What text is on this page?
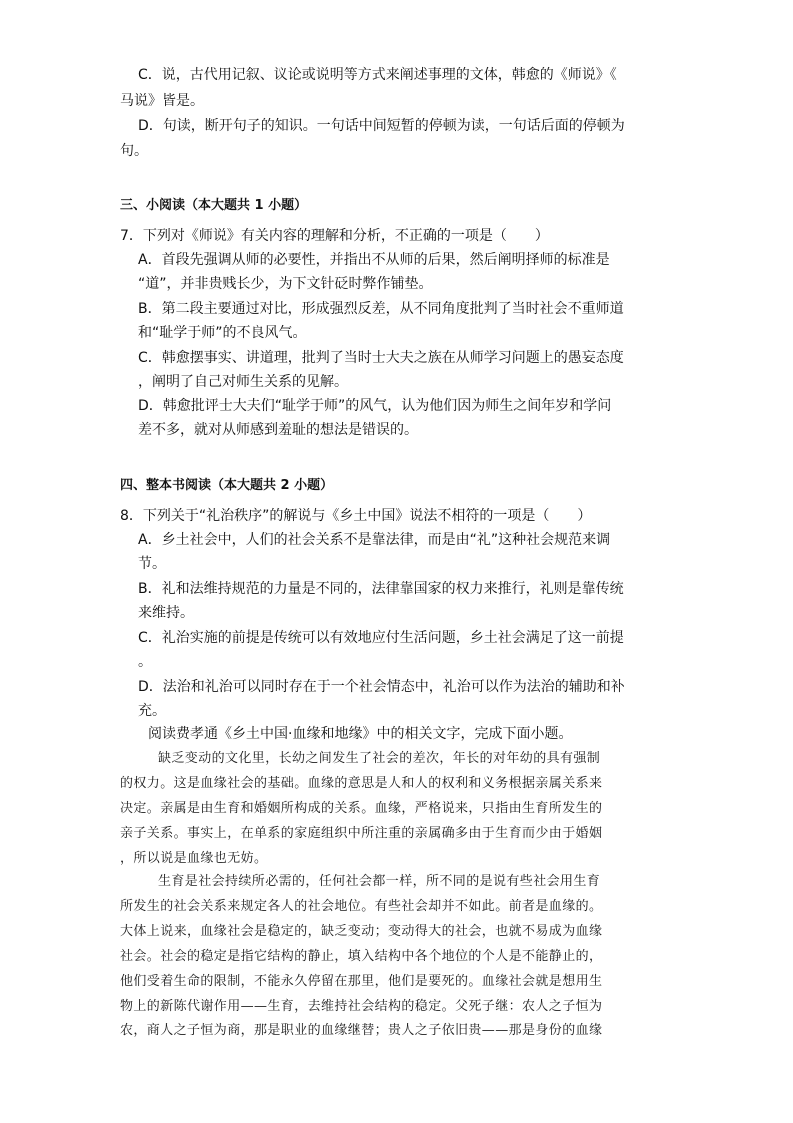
C．说，古代用记叙、议论或说明等方式来阐述事理的文体，韩愈的《师说》《
马说》皆是。
D．句读，断开句子的知识。一句话中间短暂的停顿为读，一句话后面的停顿为
句。
三、小阅读（本大题共 1 小题）
7．下列对《师说》有关内容的理解和分析，不正确的一项是（　　）
A．首段先强调从师的必要性，并指出不从师的后果，然后阐明择师的标准是
“道”，并非贵贱长少，为下文针砭时弊作铺垫。
B．第二段主要通过对比，形成强烈反差，从不同角度批判了当时社会不重师道
和“耻学于师”的不良风气。
C．韩愈摆事实、讲道理，批判了当时士大夫之族在从师学习问题上的愚妄态度
，阐明了自己对师生关系的见解。
D．韩愈批评士大夫们“耻学于师”的风气，认为他们因为师生之间年岁和学问
差不多，就对从师感到羞耻的想法是错误的。
四、整本书阅读（本大题共 2 小题）
8．下列关于“礼治秩序”的解说与《乡土中国》说法不相符的一项是（　　）
A．乡土社会中，人们的社会关系不是靠法律，而是由“礼”这种社会规范来调
节。
B．礼和法维持规范的力量是不同的，法律靠国家的权力来推行，礼则是靠传统
来维持。
C．礼治实施的前提是传统可以有效地应付生活问题，乡土社会满足了这一前提
。
D．法治和礼治可以同时存在于一个社会情态中，礼治可以作为法治的辅助和补
充。
阅读费孝通《乡土中国·血缘和地缘》中的相关文字，完成下面小题。
缺乏变动的文化里，长幼之间发生了社会的差次，年长的对年幼的具有强制
的权力。这是血缘社会的基础。血缘的意思是人和人的权利和义务根据亲属关系来
决定。亲属是由生育和婚姻所构成的关系。血缘，严格说来，只指由生育所发生的
亲子关系。事实上，在单系的家庭组织中所注重的亲属确多由于生育而少由于婚姻
，所以说是血缘也无妨。
生育是社会持续所必需的，任何社会都一样，所不同的是说有些社会用生育
所发生的社会关系来规定各人的社会地位。有些社会却并不如此。前者是血缘的。
大体上说来，血缘社会是稳定的，缺乏变动；变动得大的社会，也就不易成为血缘
社会。社会的稳定是指它结构的静止，填入结构中各个地位的个人是不能静止的，
他们受着生命的限制，不能永久停留在那里，他们是要死的。血缘社会就是想用生
物上的新陈代谢作用——生育，去维持社会结构的稳定。父死子继：农人之子恒为
农，商人之子恒为商，那是职业的血缘继替；贵人之子依旧贵——那是身份的血缘
